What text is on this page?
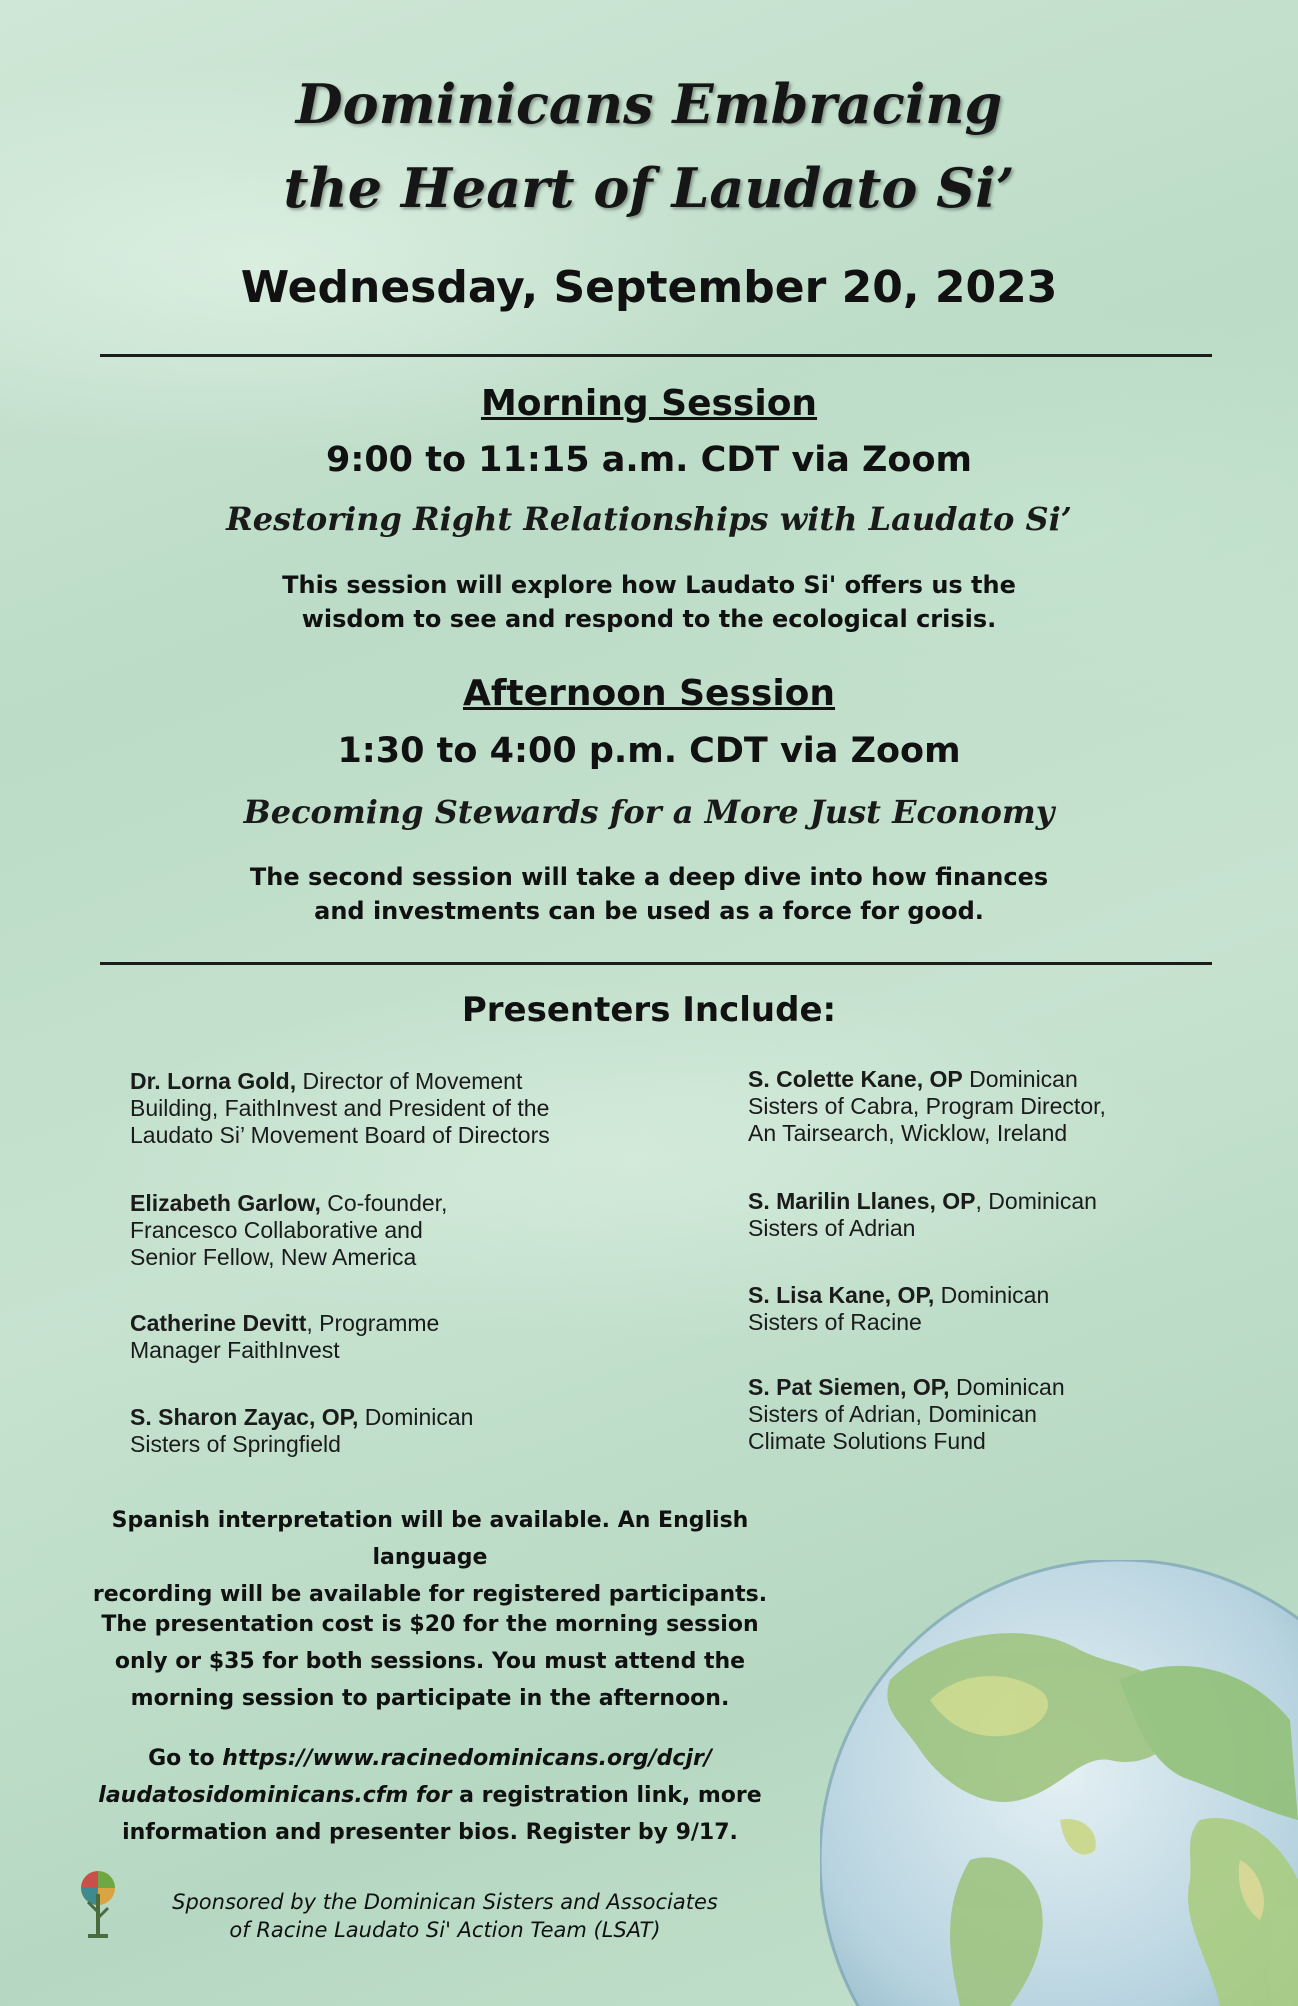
Dominicans Embracing
the Heart of Laudato Si’
Wednesday, September 20, 2023
Morning Session
9:00 to 11:15 a.m. CDT via Zoom
Restoring Right Relationships with Laudato Si’
This session will explore how Laudato Si' offers us the
wisdom to see and respond to the ecological crisis.
Afternoon Session
1:30 to 4:00 p.m. CDT via Zoom
Becoming Stewards for a More Just Economy
The second session will take a deep dive into how finances
and investments can be used as a force for good.
Presenters Include:
Dr. Lorna Gold, Director of Movement
Building, FaithInvest and President of the
Laudato Si’ Movement Board of Directors
Elizabeth Garlow, Co-founder,
Francesco Collaborative and
Senior Fellow, New America
Catherine Devitt, Programme
Manager FaithInvest
S. Sharon Zayac, OP, Dominican
Sisters of Springfield
S. Colette Kane, OP Dominican
Sisters of Cabra, Program Director,
An Tairsearch, Wicklow, Ireland
S. Marilin Llanes, OP, Dominican
Sisters of Adrian
S. Lisa Kane, OP, Dominican
Sisters of Racine
S. Pat Siemen, OP, Dominican
Sisters of Adrian, Dominican
Climate Solutions Fund
Spanish interpretation will be available. An English language
recording will be available for registered participants.
The presentation cost is $20 for the morning session
only or $35 for both sessions. You must attend the
morning session to participate in the afternoon.
Go to https://www.racinedominicans.org/dcjr/
laudatosidominicans.cfm for a registration link, more
information and presenter bios. Register by 9/17.
Sponsored by the Dominican Sisters and Associates
of Racine Laudato Si' Action Team (LSAT)
